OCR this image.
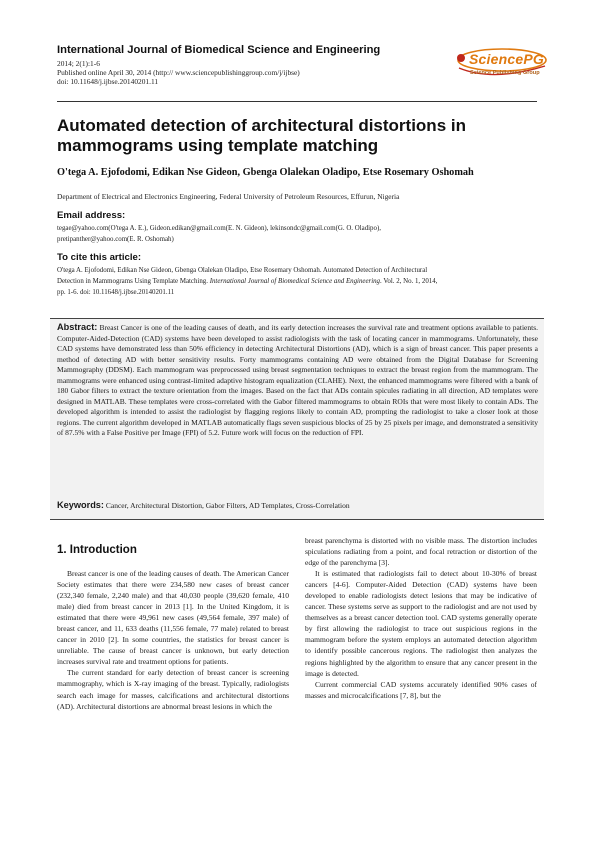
International Journal of Biomedical Science and Engineering
2014; 2(1):1-6
Published online April 30, 2014 (http:// www.sciencepublishinggroup.com/j/ijbse)
doi: 10.11648/j.ijbse.20140201.11
SciencePG
Science Publishing Group
Automated detection of architectural distortions in mammograms using template matching
O'tega A. Ejofodomi, Edikan Nse Gideon, Gbenga Olalekan Oladipo, Etse Rosemary Oshomah
Department of Electrical and Electronics Engineering, Federal University of Petroleum Resources, Effurun, Nigeria
Email address:
tegae@yahoo.com(O'tega A. E.), Gideon.edikan@gmail.com(E. N. Gideon), lekinsondc@gmail.com(G. O. Oladipo),
pretipanther@yahoo.com(E. R. Oshomah)
To cite this article:
O'tega A. Ejofodomi, Edikan Nse Gideon, Gbenga Olalekan Oladipo, Etse Rosemary Oshomah. Automated Detection of Architectural
Detection in Mammograms Using Template Matching. International Journal of Biomedical Science and Engineering. Vol. 2, No. 1, 2014,
pp. 1-6. doi: 10.11648/j.ijbse.20140201.11
Abstract: Breast Cancer is one of the leading causes of death, and its early detection increases the survival rate and treatment options available to patients. Computer-Aided-Detection (CAD) systems have been developed to assist radiologists with the task of locating cancer in mammograms. Unfortunately, these CAD systems have demonstrated less than 50% efficiency in detecting Architectural Distortions (AD), which is a sign of breast cancer. This paper presents a method of detecting AD with better sensitivity results. Forty mammograms containing AD were obtained from the Digital Database for Screening Mammography (DDSM). Each mammogram was preprocessed using breast segmentation techniques to extract the breast region from the mammogram. The mammograms were enhanced using contrast-limited adaptive histogram equalization (CLAHE). Next, the enhanced mammograms were filtered with a bank of 180 Gabor filters to extract the texture orientation from the images. Based on the fact that ADs contain spicules radiating in all direction, AD templates were designed in MATLAB. These templates were cross-correlated with the Gabor filtered mammograms to obtain ROIs that were most likely to contain ADs. The developed algorithm is intended to assist the radiologist by flagging regions likely to contain AD, prompting the radiologist to take a closer look at those regions. The current algorithm developed in MATLAB automatically flags seven suspicious blocks of 25 by 25 pixels per image, and demonstrated a sensitivity of 87.5% with a False Positive per Image (FPI) of 5.2. Future work will focus on the reduction of FPI.
Keywords: Cancer, Architectural Distortion, Gabor Filters, AD Templates, Cross-Correlation
1. Introduction

Breast cancer is one of the leading causes of death. The American Cancer Society estimates that there were 234,580 new cases of breast cancer (232,340 female, 2,240 male) and that 40,030 people (39,620 female, 410 male) died from breast cancer in 2013 [1]. In the United Kingdom, it is estimated that there were 49,961 new cases (49,564 female, 397 male) of breast cancer, and 11, 633 deaths (11,556 female, 77 male) related to breast cancer in 2010 [2]. In some countries, the statistics for breast cancer is unreliable. The cause of breast cancer is unknown, but early detection increases survival rate and treatment options for patients.

The current standard for early detection of breast cancer is screening mammography, which is X-ray imaging of the breast. Typically, radiologists search each image for masses, calcifications and architectural distortions (AD). Architectural distortions are abnormal breast lesions in which the

breast parenchyma is distorted with no visible mass. The distortion includes spiculations radiating from a point, and focal retraction or distortion of the edge of the parenchyma [3].

It is estimated that radiologists fail to detect about 10-30% of breast cancers [4-6]. Computer-Aided Detection (CAD) systems have been developed to enable radiologists detect lesions that may be indicative of cancer. These systems serve as support to the radiologist and are not used by themselves as a breast cancer detection tool. CAD systems generally operate by first allowing the radiologist to trace out suspicious regions in the mammogram before the system employs an automated detection algorithm to identify possible cancerous regions. The radiologist then analyzes the regions highlighted by the algorithm to ensure that any cancer present in the image is detected.

Current commercial CAD systems accurately identified 90% cases of masses and microcalcifications [7, 8], but the
